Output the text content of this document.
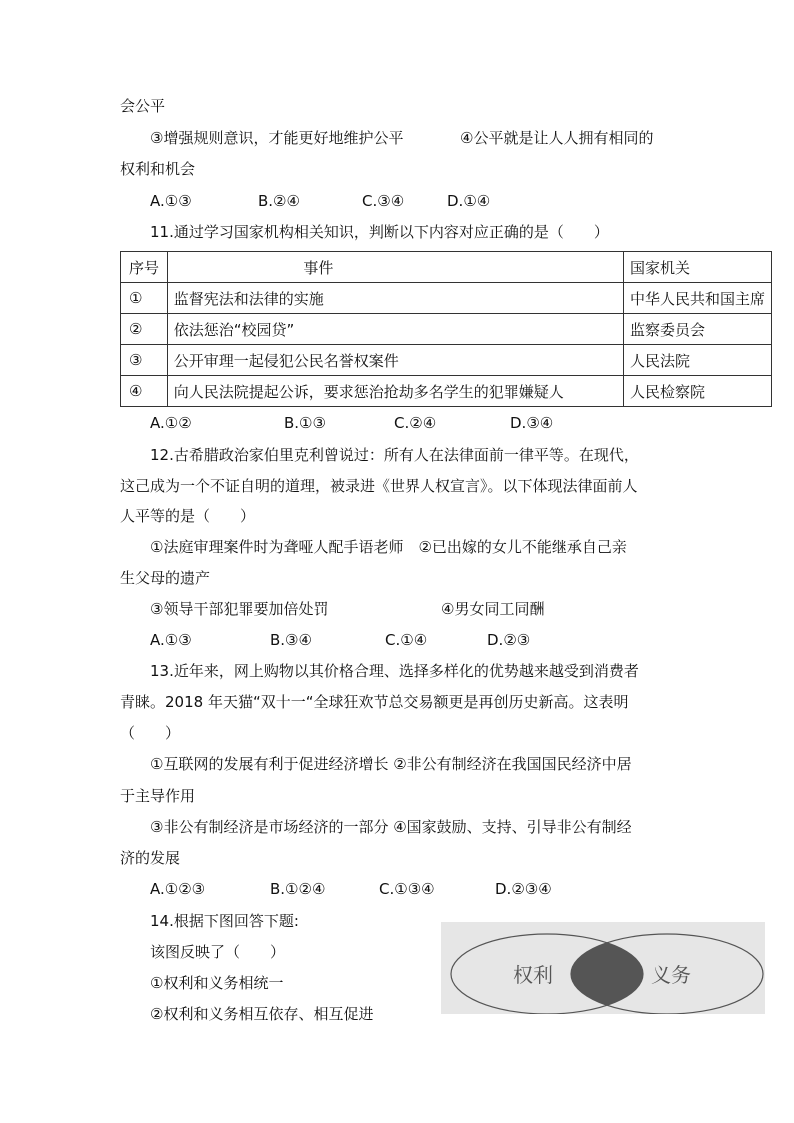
会公平
③增强规则意识，才能更好地维护公平	④公平就是让人人拥有相同的
权利和机会
A.①③	B.②④	C.③④	D.①④
11.通过学习国家机构相关知识，判断以下内容对应正确的是（　　）
序号	事件	国家机关
①	监督宪法和法律的实施	中华人民共和国主席
②	依法惩治“校园贷”	监察委员会
③	公开审理一起侵犯公民名誉权案件	人民法院
④	向人民法院提起公诉，要求惩治抢劫多名学生的犯罪嫌疑人	人民检察院
A.①②	B.①③	C.②④	D.③④
12.古希腊政治家伯里克利曾说过：所有人在法律面前一律平等。在现代，
这己成为一个不证自明的道理，被录进《世界人权宣言》。以下体现法律面前人
人平等的是（　　）
①法庭审理案件时为聋哑人配手语老师　②已出嫁的女儿不能继承自己亲
生父母的遗产
③领导干部犯罪要加倍处罚	④男女同工同酬
A.①③	B.③④	C.①④	D.②③
13.近年来，网上购物以其价格合理、选择多样化的优势越来越受到消费者
青睐。2018 年天猫“双十一“全球狂欢节总交易额更是再创历史新高。这表明
（　　）
①互联网的发展有利于促进经济增长 ②非公有制经济在我国国民经济中居
于主导作用
③非公有制经济是市场经济的一部分 ④国家鼓励、支持、引导非公有制经
济的发展
A.①②③	B.①②④	C.①③④	D.②③④
14.根据下图回答下题:
该图反映了（　　）
①权利和义务相统一
②权利和义务相互依存、相互促进
权利	义务
